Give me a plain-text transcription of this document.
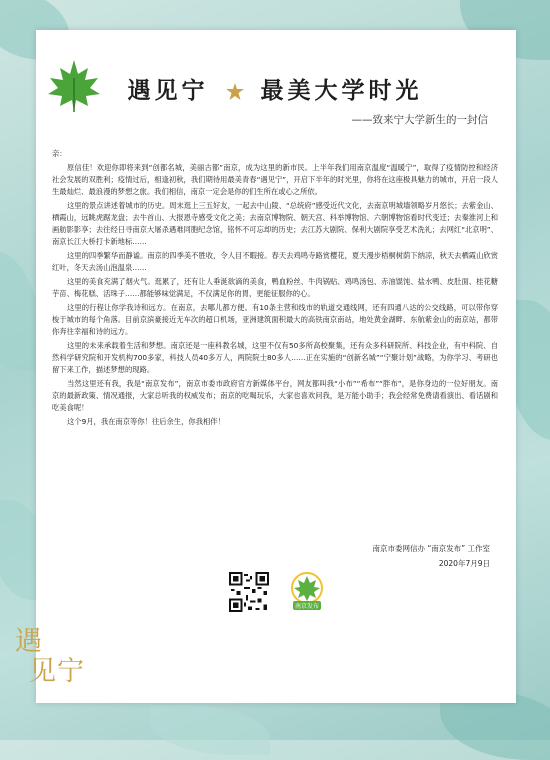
遇见宁 最美大学时光
——致来宁大学新生的一封信

亲：

原信佳！欢迎你即将来到“创都名城，美丽古都”南京，成为这里的新市民。上半年我们用南京温度“温暖宁”，取得了疫情防控和经济社会发展的双胜利；疫情过后，相逢初秋，我们期待用最美青春“遇见宁”，开启下半年的时光里，你将在这座极具魅力的城市，开启一段人生最灿烂、最浪漫的梦想之旅。我们相信，南京一定会是你的们生所在或心之所依。

这里的景点讲述着城市的历史。周末逛上三五好友，一起去中山陵、“总统府”感受近代文化，去南京明城墙领略岁月悠长；去紫金山、栖霞山，远眺虎踞龙盘；去牛首山、大报恩寺感受文化之美；去南京博物院、朝天宫、科举博物馆、六朝博物馆看时代变迁；去秦淮河上和画舫影影享；去往经日寻南京大屠杀遇难同胞纪念馆，铭怀不可忘却的历史；去江苏大剧院、保利大剧院享受艺术洗礼；去网红“北京明”、南京长江大桥打卡新地标……

这里的四季繁华而静谧。南京的四季美不胜收，令人目不暇接。春天去鸡鸣寺路赏樱花，夏天漫步梧桐树荫下纳凉，秋天去栖霞山欣赏红叶，冬天去汤山泡温泉……

这里的美食充满了烟火气。逛累了，还有让人垂涎欲滴的美食，鸭血粉丝、牛肉锅贴、鸡鸣汤包、赤油馄饨、盐水鸭、皮肚面、桂花糖芋苗、梅花糕、活珠子……都能够味觉满足，不仅满足你的胃，更能征服你的心。

这里的行程让你学我诗和远方。在南京，去哪儿都方便。有10条主营和线市的轨道交通线网，还有四通八达的公交线路，可以带你穿梭于城市的每个角落。目前京滨豪接近无车次的超口机场，亚洲建筑面积最大的高铁南京南站，地处黄金湖畔、东航紫金山的南京站，都带你奔往幸福和诗的远方。

这里的未来承载着生活和梦想。南京还是一座科教名城，这里不仅有50多所高校聚集，还有众多科研院所、科技企业，有中科院、自然科学研究院和开发机构700多家，科技人员40多万人，两院院士80多人……正在实施的“创新名城”“宁聚计划”战略，为你学习、考研也留下来工作，描述梦想的现路。

当然这里还有我，我是“南京发布”，南京市委市政府官方新媒体平台，网友都叫我“小布”“希布”“胖布”，是你身边的一位好朋友。南京的最新政策、情况通报，大家总听我的权威发布；南京的吃喝玩乐，大家也喜欢问我，是万能小助手；我会经常免费请看演出、看话剧和吃美食呢！

这个9月，我在南京等你！往后余生，你我相伴！

南京市委网信办 “南京发布” 工作室
2020年7月9日
南京发布
遇
见宁
